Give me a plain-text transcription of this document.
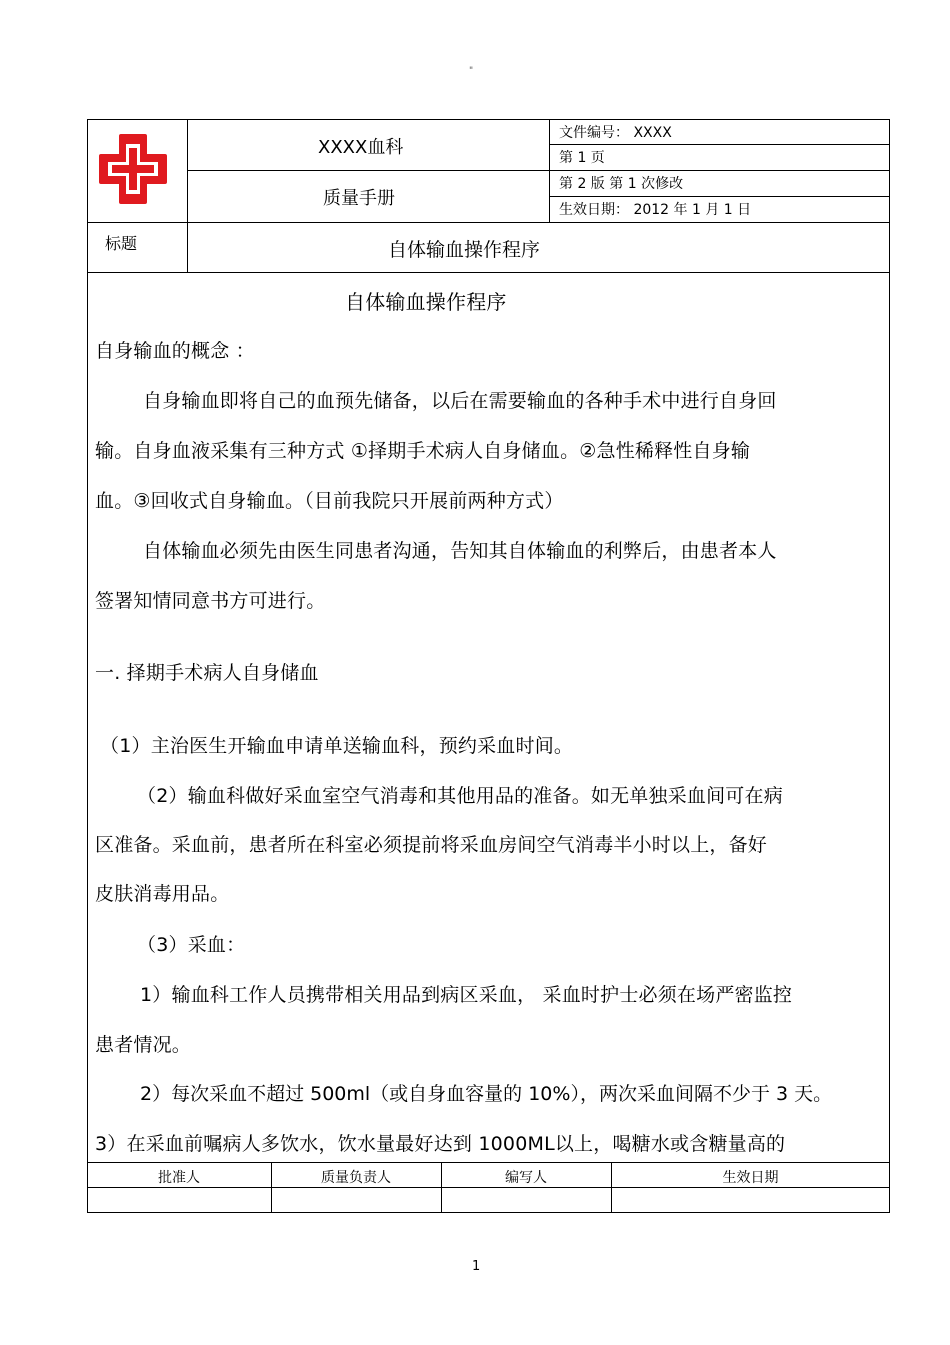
"
XXXX血科
质量手册
文件编号： XXXX
第 1 页
第 2 版 第 1 次修改
生效日期： 2012 年 1 月 1 日
标题	自体输血操作程序
自体输血操作程序
自身输血的概念 ：
自身输血即将自己的血预先储备，以后在需要输血的各种手术中进行自身回
输。自身血液采集有三种方式 ①择期手术病人自身储血。②急性稀释性自身输
血。③回收式自身输血。（目前我院只开展前两种方式）
自体输血必须先由医生同患者沟通，告知其自体输血的利弊后，由患者本人
签署知情同意书方可进行。
一. 择期手术病人自身储血
（1）主治医生开输血申请单送输血科，预约采血时间。
（2）输血科做好采血室空气消毒和其他用品的准备。如无单独采血间可在病
区准备。采血前，患者所在科室必须提前将采血房间空气消毒半小时以上，备好
皮肤消毒用品。
（3）采血：
1）输血科工作人员携带相关用品到病区采血， 采血时护士必须在场严密监控
患者情况。
2）每次采血不超过 500ml（或自身血容量的 10%），两次采血间隔不少于 3 天。
3）在采血前嘱病人多饮水，饮水量最好达到 1000ML以上，喝糖水或含糖量高的
批准人	质量负责人	编写人	生效日期
1
